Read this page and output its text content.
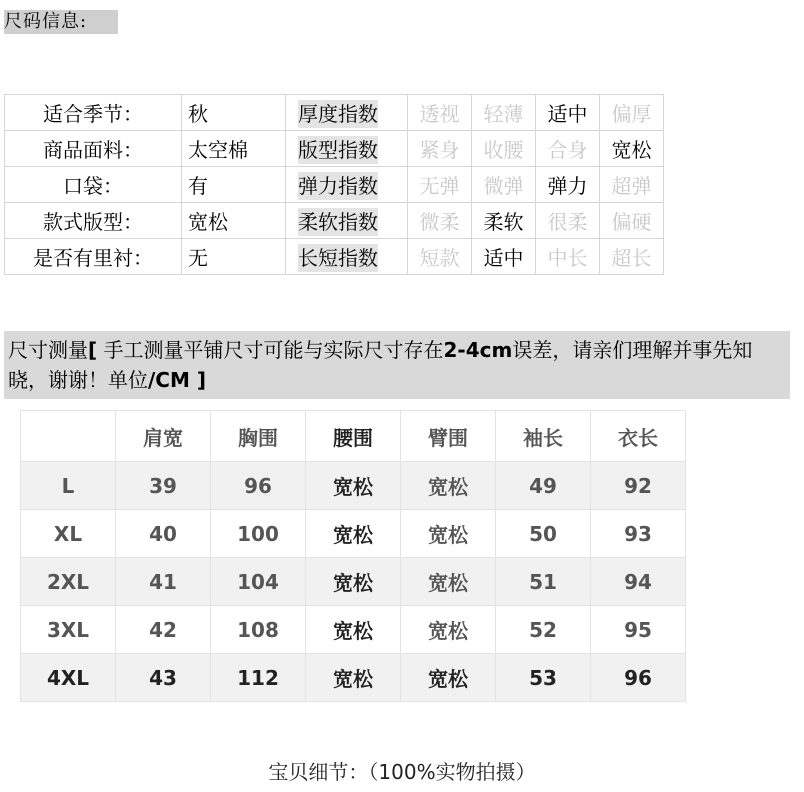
尺码信息:
适合季节：	秋	厚度指数	透视	轻薄	适中	偏厚
商品面料：	太空棉	版型指数	紧身	收腰	合身	宽松
口袋：	有	弹力指数	无弹	微弹	弹力	超弹
款式版型：	宽松	柔软指数	微柔	柔软	很柔	偏硬
是否有里衬：	无	长短指数	短款	适中	中长	超长
尺寸测量[ 手工测量平铺尺寸可能与实际尺寸存在2-4cm误差，请亲们理解并事先知晓，谢谢！单位/CM ]
	肩宽	胸围	腰围	臂围	袖长	衣长
L	39	96	宽松	宽松	49	92
XL	40	100	宽松	宽松	50	93
2XL	41	104	宽松	宽松	51	94
3XL	42	108	宽松	宽松	52	95
4XL	43	112	宽松	宽松	53	96
宝贝细节：（100%实物拍摄）
